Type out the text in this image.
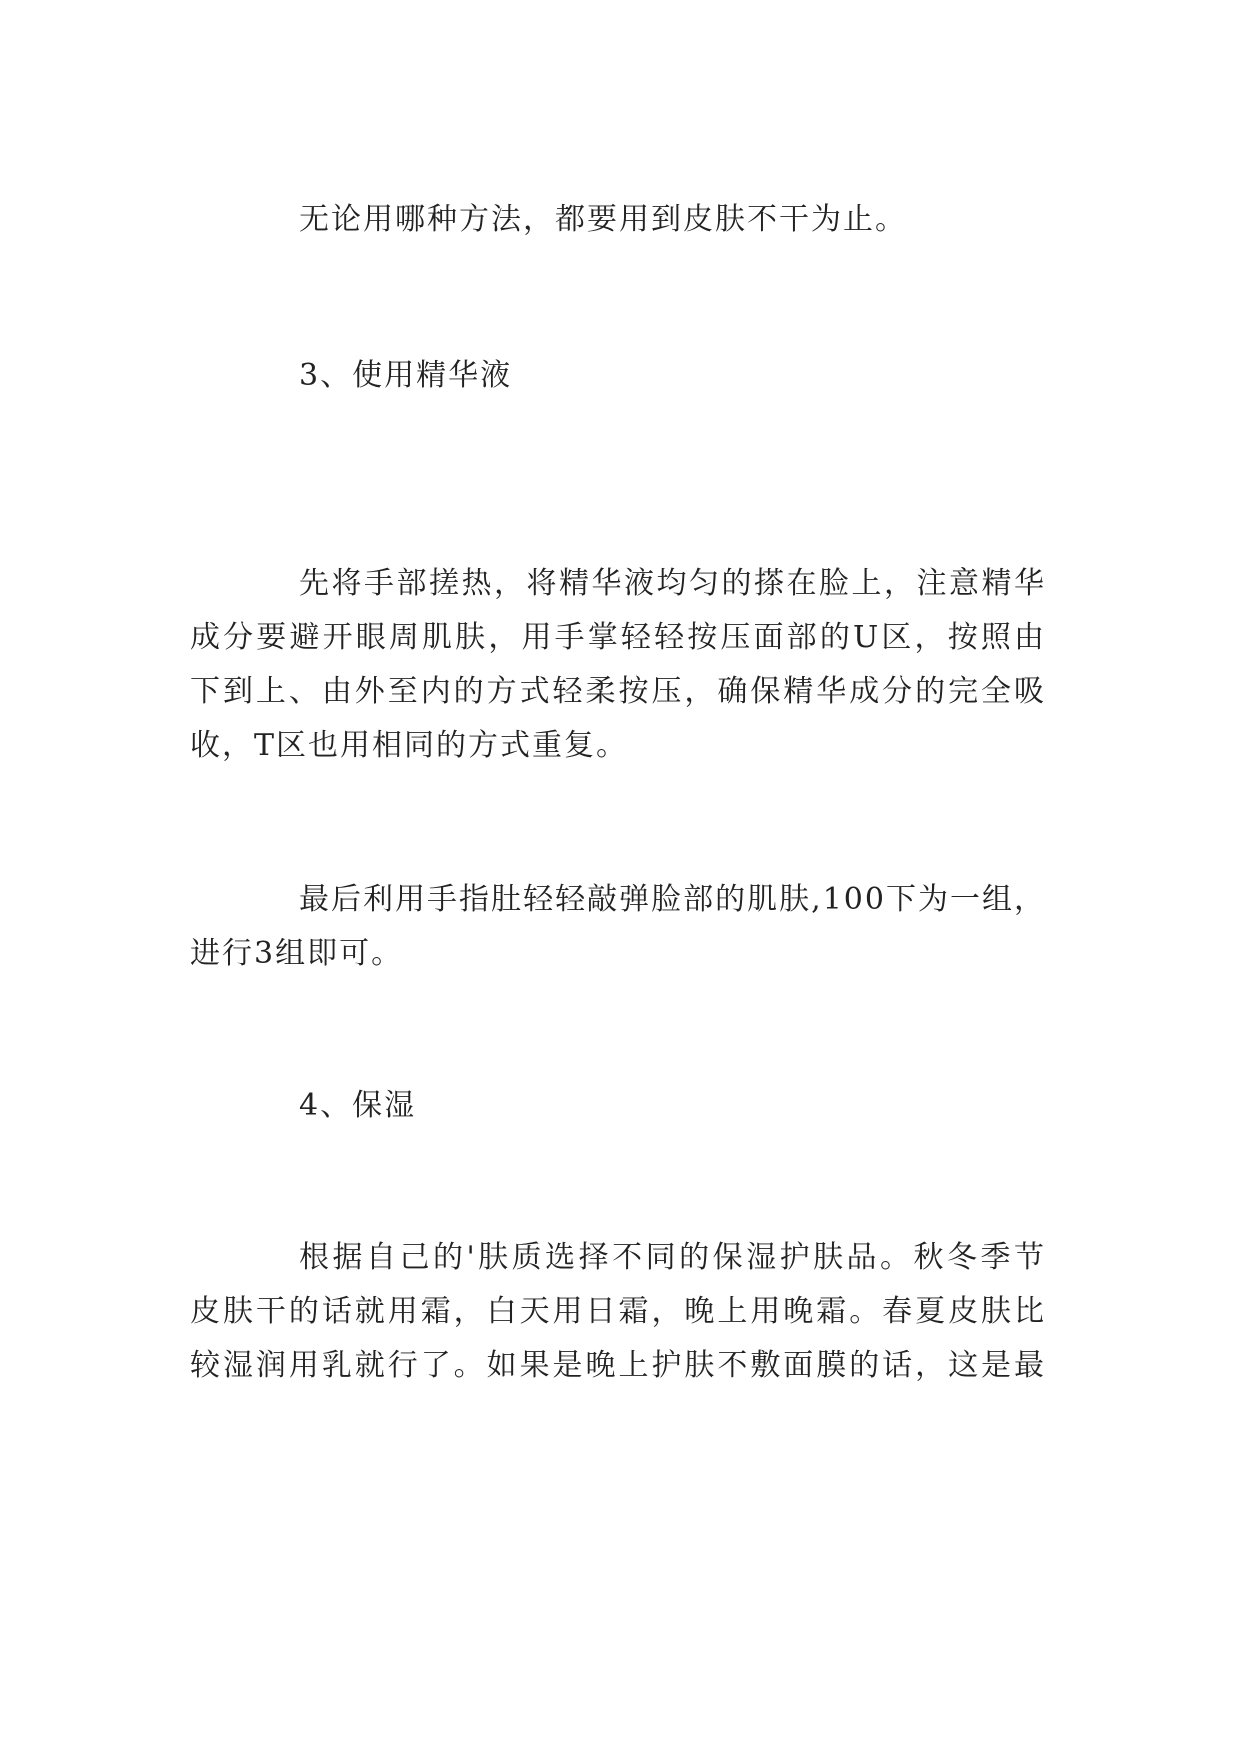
无论用哪种方法，都要用到皮肤不干为止。
3、使用精华液
先将手部搓热，将精华液均匀的搽在脸上，注意精华
成分要避开眼周肌肤，用手掌轻轻按压面部的U区，按照由
下到上、由外至内的方式轻柔按压，确保精华成分的完全吸
收，T区也用相同的方式重复。
最后利用手指肚轻轻敲弹脸部的肌肤,100下为一组，
进行3组即可。
4、保湿
根据自己的'肤质选择不同的保湿护肤品。秋冬季节
皮肤干的话就用霜，白天用日霜，晚上用晚霜。春夏皮肤比
较湿润用乳就行了。如果是晚上护肤不敷面膜的话，这是最
